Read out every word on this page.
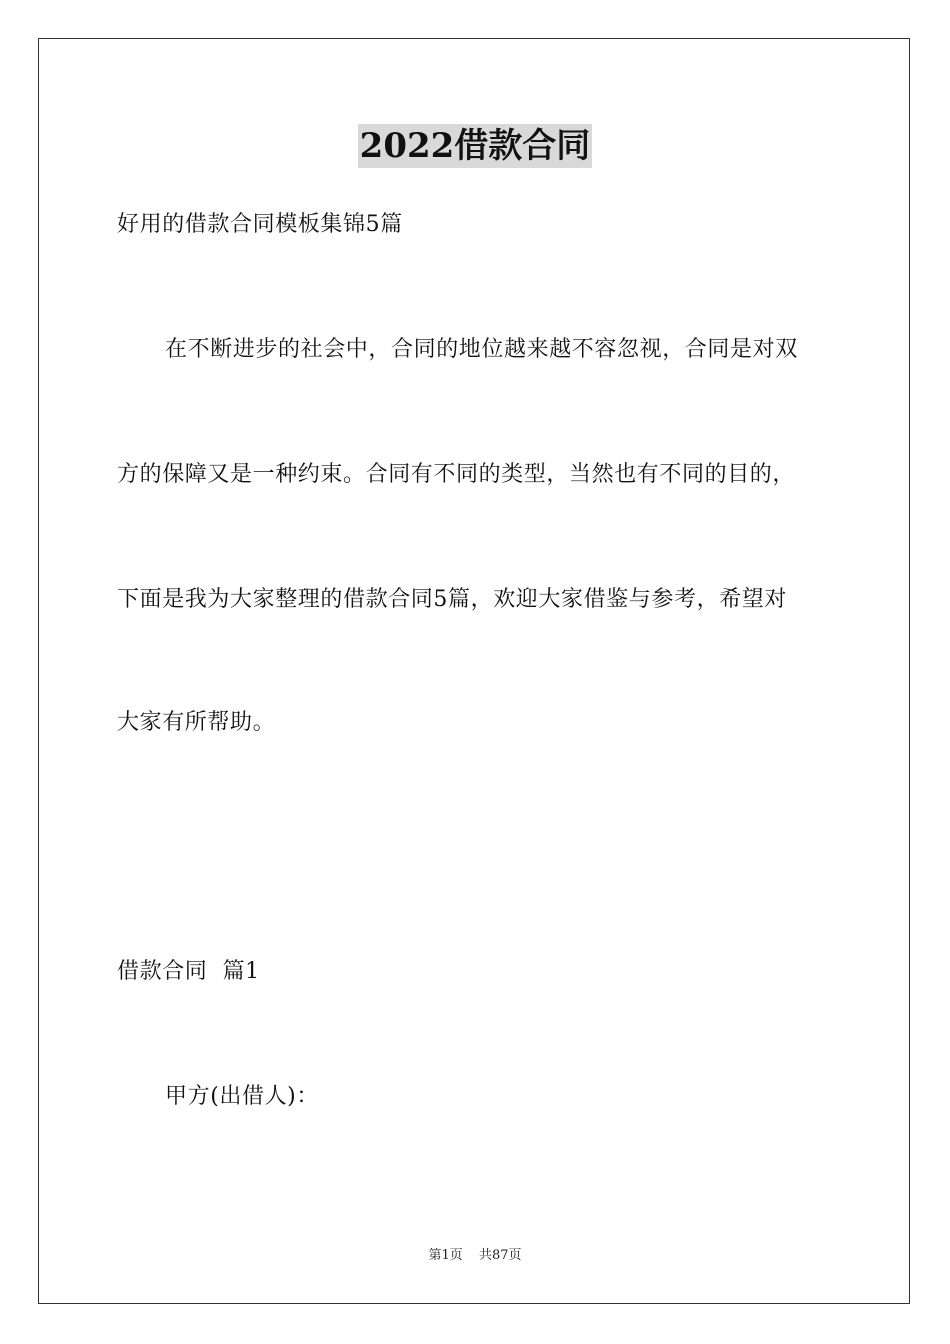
2022借款合同
好用的借款合同模板集锦5篇
在不断进步的社会中，合同的地位越来越不容忽视，合同是对双
方的保障又是一种约束。合同有不同的类型，当然也有不同的目的，
下面是我为大家整理的借款合同5篇，欢迎大家借鉴与参考，希望对
大家有所帮助。
借款合同  篇1
甲方(出借人)：
第1页 共87页
